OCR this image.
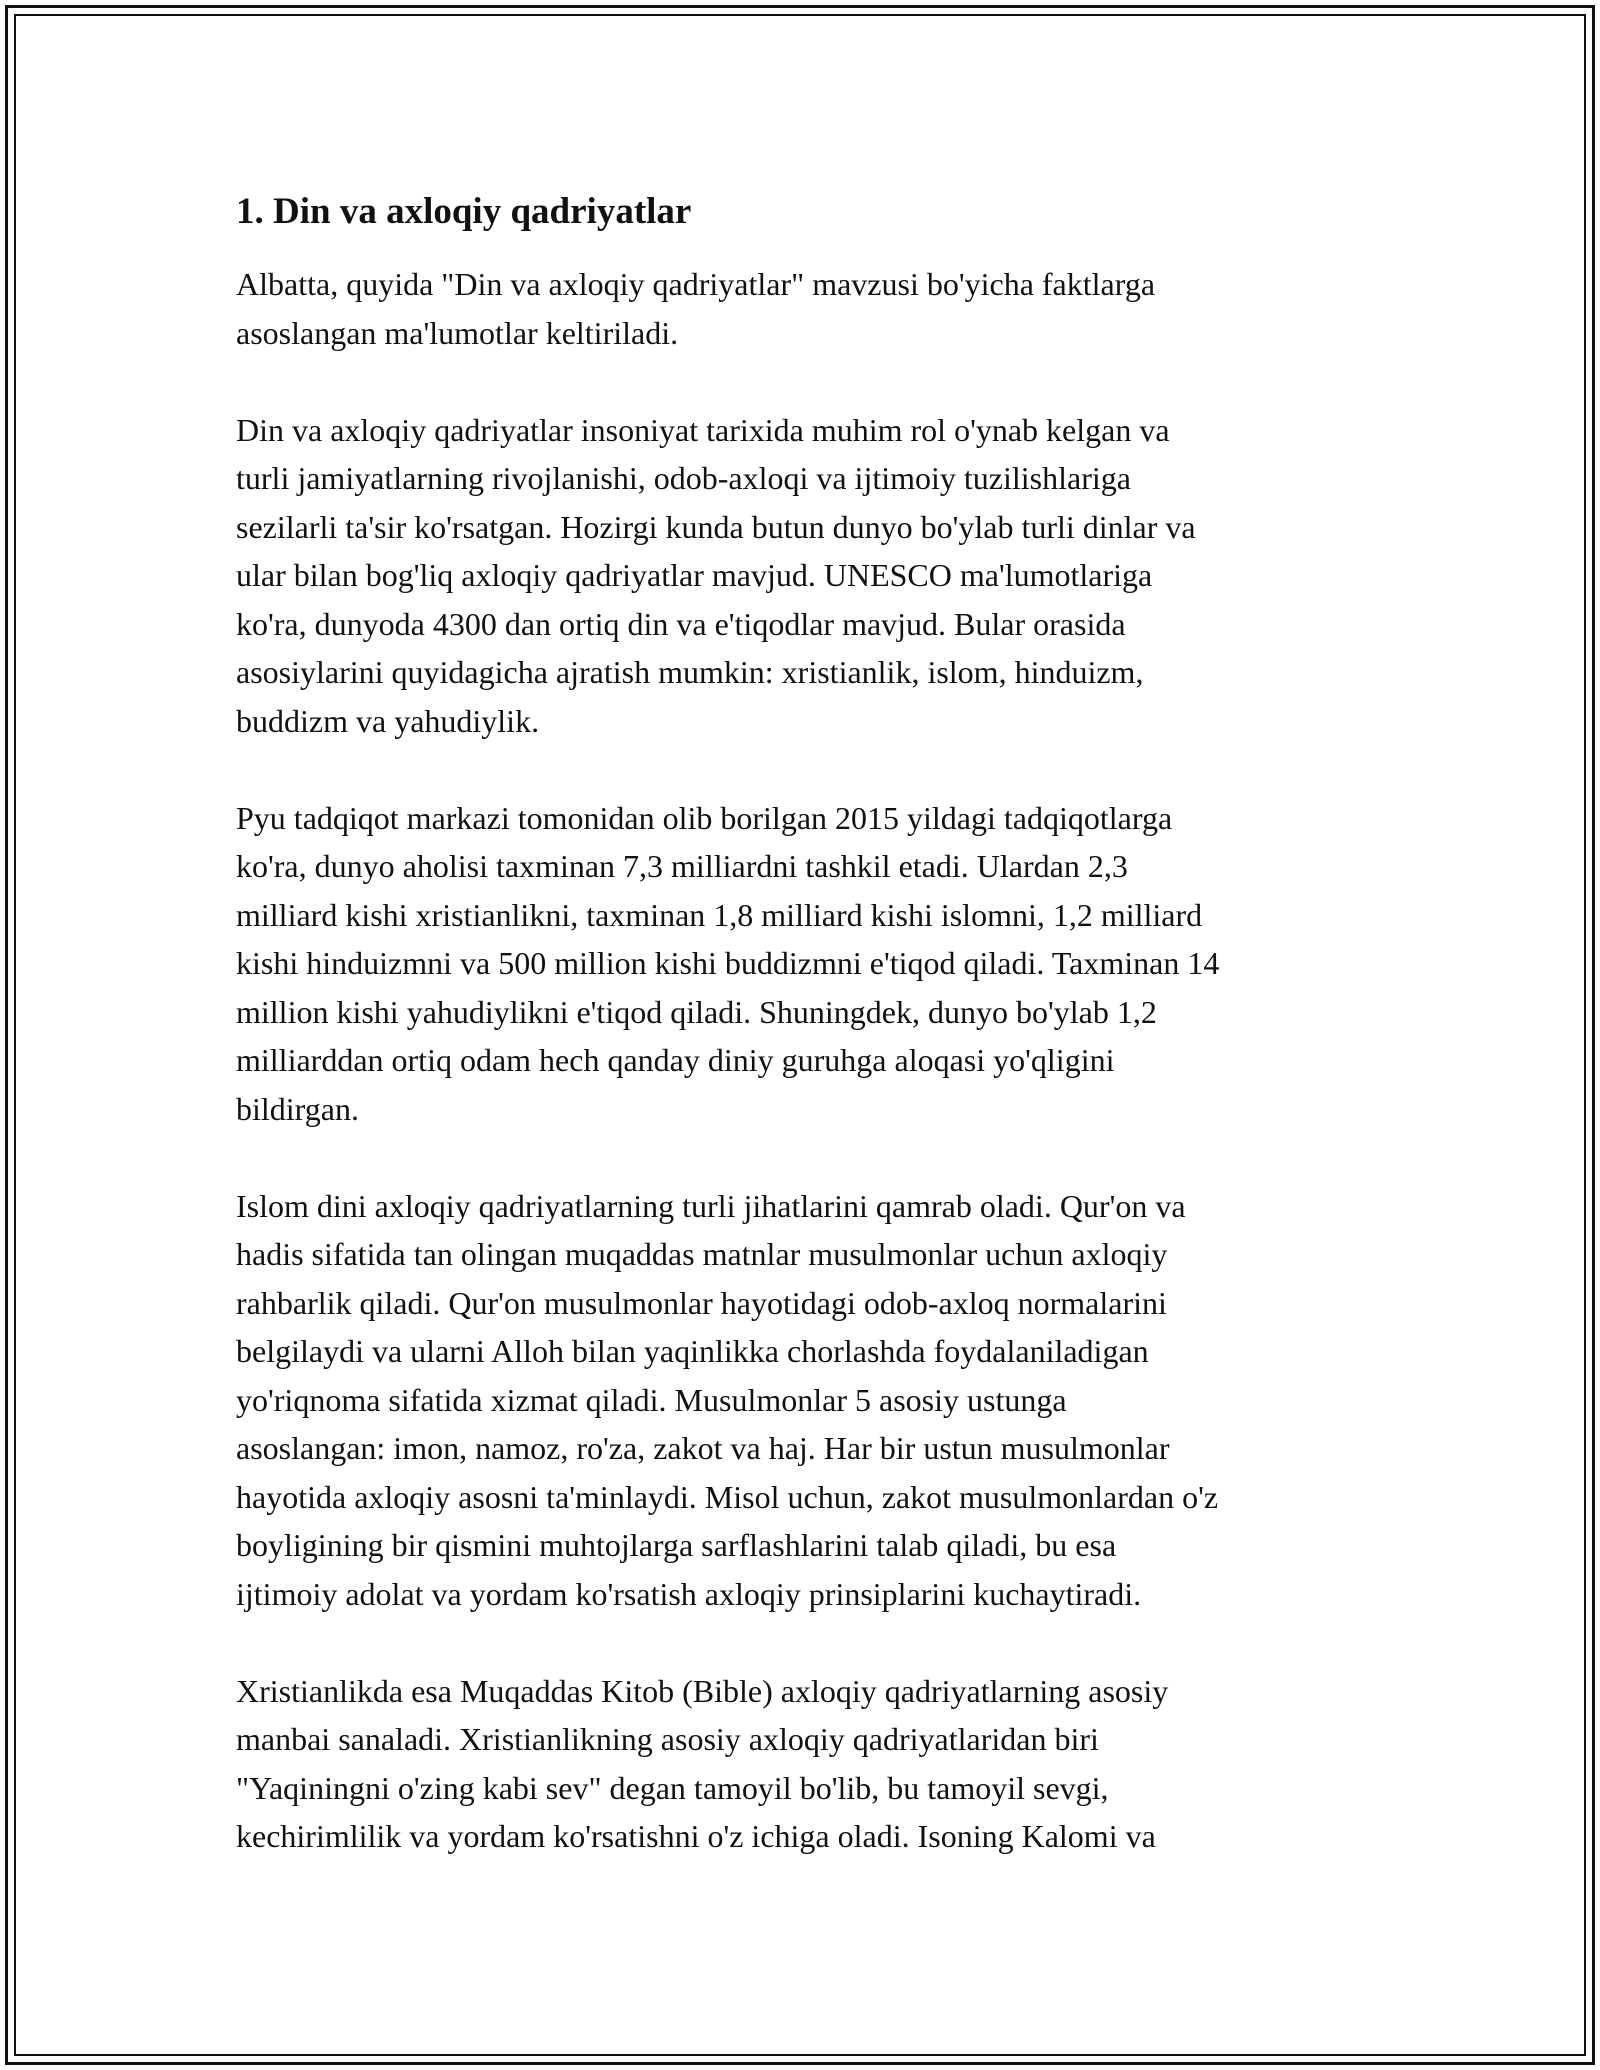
1. Din va axloqiy qadriyatlar

Albatta, quyida "Din va axloqiy qadriyatlar" mavzusi bo'yicha faktlarga
asoslangan ma'lumotlar keltiriladi.

Din va axloqiy qadriyatlar insoniyat tarixida muhim rol o'ynab kelgan va
turli jamiyatlarning rivojlanishi, odob-axloqi va ijtimoiy tuzilishlariga
sezilarli ta'sir ko'rsatgan. Hozirgi kunda butun dunyo bo'ylab turli dinlar va
ular bilan bog'liq axloqiy qadriyatlar mavjud. UNESCO ma'lumotlariga
ko'ra, dunyoda 4300 dan ortiq din va e'tiqodlar mavjud. Bular orasida
asosiylarini quyidagicha ajratish mumkin: xristianlik, islom, hinduizm,
buddizm va yahudiylik.

Pyu tadqiqot markazi tomonidan olib borilgan 2015 yildagi tadqiqotlarga
ko'ra, dunyo aholisi taxminan 7,3 milliardni tashkil etadi. Ulardan 2,3
milliard kishi xristianlikni, taxminan 1,8 milliard kishi islomni, 1,2 milliard
kishi hinduizmni va 500 million kishi buddizmni e'tiqod qiladi. Taxminan 14
million kishi yahudiylikni e'tiqod qiladi. Shuningdek, dunyo bo'ylab 1,2
milliarddan ortiq odam hech qanday diniy guruhga aloqasi yo'qligini
bildirgan.

Islom dini axloqiy qadriyatlarning turli jihatlarini qamrab oladi. Qur'on va
hadis sifatida tan olingan muqaddas matnlar musulmonlar uchun axloqiy
rahbarlik qiladi. Qur'on musulmonlar hayotidagi odob-axloq normalarini
belgilaydi va ularni Alloh bilan yaqinlikka chorlashda foydalaniladigan
yo'riqnoma sifatida xizmat qiladi. Musulmonlar 5 asosiy ustunga
asoslangan: imon, namoz, ro'za, zakot va haj. Har bir ustun musulmonlar
hayotida axloqiy asosni ta'minlaydi. Misol uchun, zakot musulmonlardan o'z
boyligining bir qismini muhtojlarga sarflashlarini talab qiladi, bu esa
ijtimoiy adolat va yordam ko'rsatish axloqiy prinsiplarini kuchaytiradi.

Xristianlikda esa Muqaddas Kitob (Bible) axloqiy qadriyatlarning asosiy
manbai sanaladi. Xristianlikning asosiy axloqiy qadriyatlaridan biri
"Yaqiningni o'zing kabi sev" degan tamoyil bo'lib, bu tamoyil sevgi,
kechirimlilik va yordam ko'rsatishni o'z ichiga oladi. Isoning Kalomi va
